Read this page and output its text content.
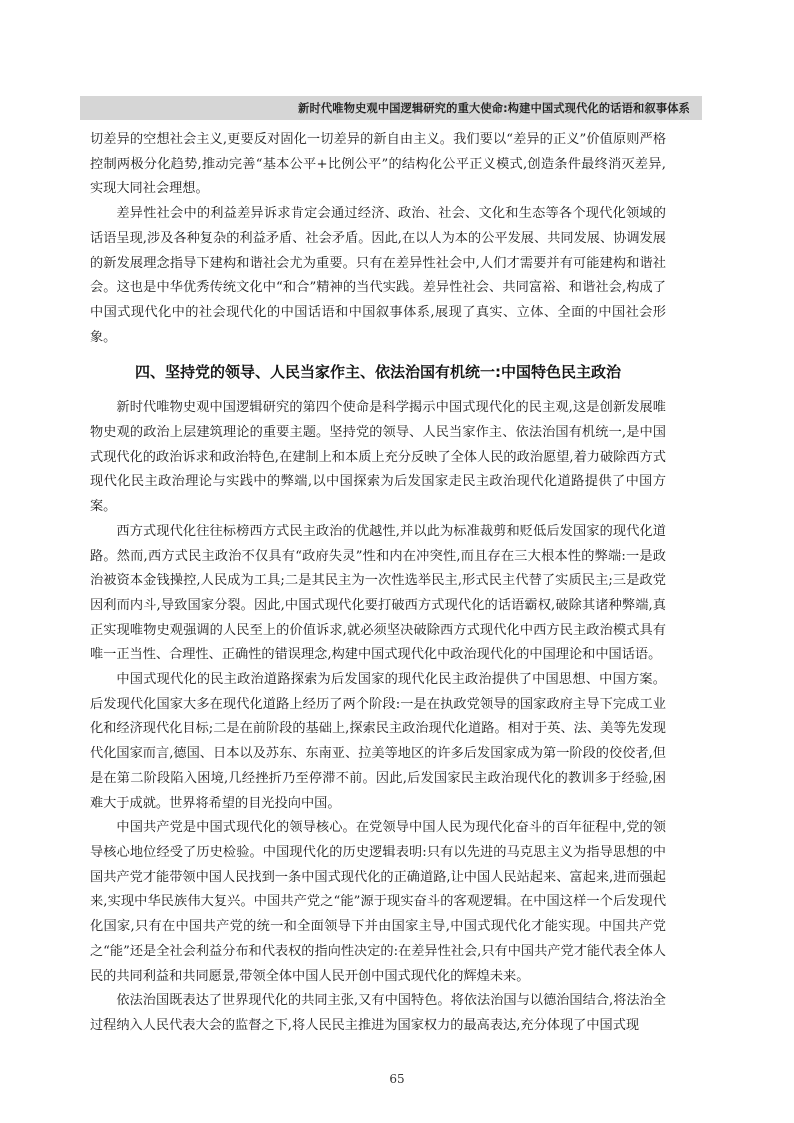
新时代唯物史观中国逻辑研究的重大使命:构建中国式现代化的话语和叙事体系

切差异的空想社会主义,更要反对固化一切差异的新自由主义。我们要以“差异的正义”价值原则严格控制两极分化趋势,推动完善“基本公平+比例公平”的结构化公平正义模式,创造条件最终消灭差异,实现大同社会理想。

差异性社会中的利益差异诉求肯定会通过经济、政治、社会、文化和生态等各个现代化领域的话语呈现,涉及各种复杂的利益矛盾、社会矛盾。因此,在以人为本的公平发展、共同发展、协调发展的新发展理念指导下建构和谐社会尤为重要。只有在差异性社会中,人们才需要并有可能建构和谐社会。这也是中华优秀传统文化中“和合”精神的当代实践。差异性社会、共同富裕、和谐社会,构成了中国式现代化中的社会现代化的中国话语和中国叙事体系,展现了真实、立体、全面的中国社会形象。

四、坚持党的领导、人民当家作主、依法治国有机统一:中国特色民主政治

新时代唯物史观中国逻辑研究的第四个使命是科学揭示中国式现代化的民主观,这是创新发展唯物史观的政治上层建筑理论的重要主题。坚持党的领导、人民当家作主、依法治国有机统一,是中国式现代化的政治诉求和政治特色,在建制上和本质上充分反映了全体人民的政治愿望,着力破除西方式现代化民主政治理论与实践中的弊端,以中国探索为后发国家走民主政治现代化道路提供了中国方案。

西方式现代化往往标榜西方式民主政治的优越性,并以此为标准裁剪和贬低后发国家的现代化道路。然而,西方式民主政治不仅具有“政府失灵”性和内在冲突性,而且存在三大根本性的弊端:一是政治被资本金钱操控,人民成为工具;二是其民主为一次性选举民主,形式民主代替了实质民主;三是政党因利而内斗,导致国家分裂。因此,中国式现代化要打破西方式现代化的话语霸权,破除其诸种弊端,真正实现唯物史观强调的人民至上的价值诉求,就必须坚决破除西方式现代化中西方民主政治模式具有唯一正当性、合理性、正确性的错误理念,构建中国式现代化中政治现代化的中国理论和中国话语。

中国式现代化的民主政治道路探索为后发国家的现代化民主政治提供了中国思想、中国方案。后发现代化国家大多在现代化道路上经历了两个阶段:一是在执政党领导的国家政府主导下完成工业化和经济现代化目标;二是在前阶段的基础上,探索民主政治现代化道路。相对于英、法、美等先发现代化国家而言,德国、日本以及苏东、东南亚、拉美等地区的许多后发国家成为第一阶段的佼佼者,但是在第二阶段陷入困境,几经挫折乃至停滞不前。因此,后发国家民主政治现代化的教训多于经验,困难大于成就。世界将希望的目光投向中国。

中国共产党是中国式现代化的领导核心。在党领导中国人民为现代化奋斗的百年征程中,党的领导核心地位经受了历史检验。中国现代化的历史逻辑表明:只有以先进的马克思主义为指导思想的中国共产党才能带领中国人民找到一条中国式现代化的正确道路,让中国人民站起来、富起来,进而强起来,实现中华民族伟大复兴。中国共产党之“能”源于现实奋斗的客观逻辑。在中国这样一个后发现代化国家,只有在中国共产党的统一和全面领导下并由国家主导,中国式现代化才能实现。中国共产党之“能”还是全社会利益分布和代表权的指向性决定的:在差异性社会,只有中国共产党才能代表全体人民的共同利益和共同愿景,带领全体中国人民开创中国式现代化的辉煌未来。

依法治国既表达了世界现代化的共同主张,又有中国特色。将依法治国与以德治国结合,将法治全过程纳入人民代表大会的监督之下,将人民民主推进为国家权力的最高表达,充分体现了中国式现

65
